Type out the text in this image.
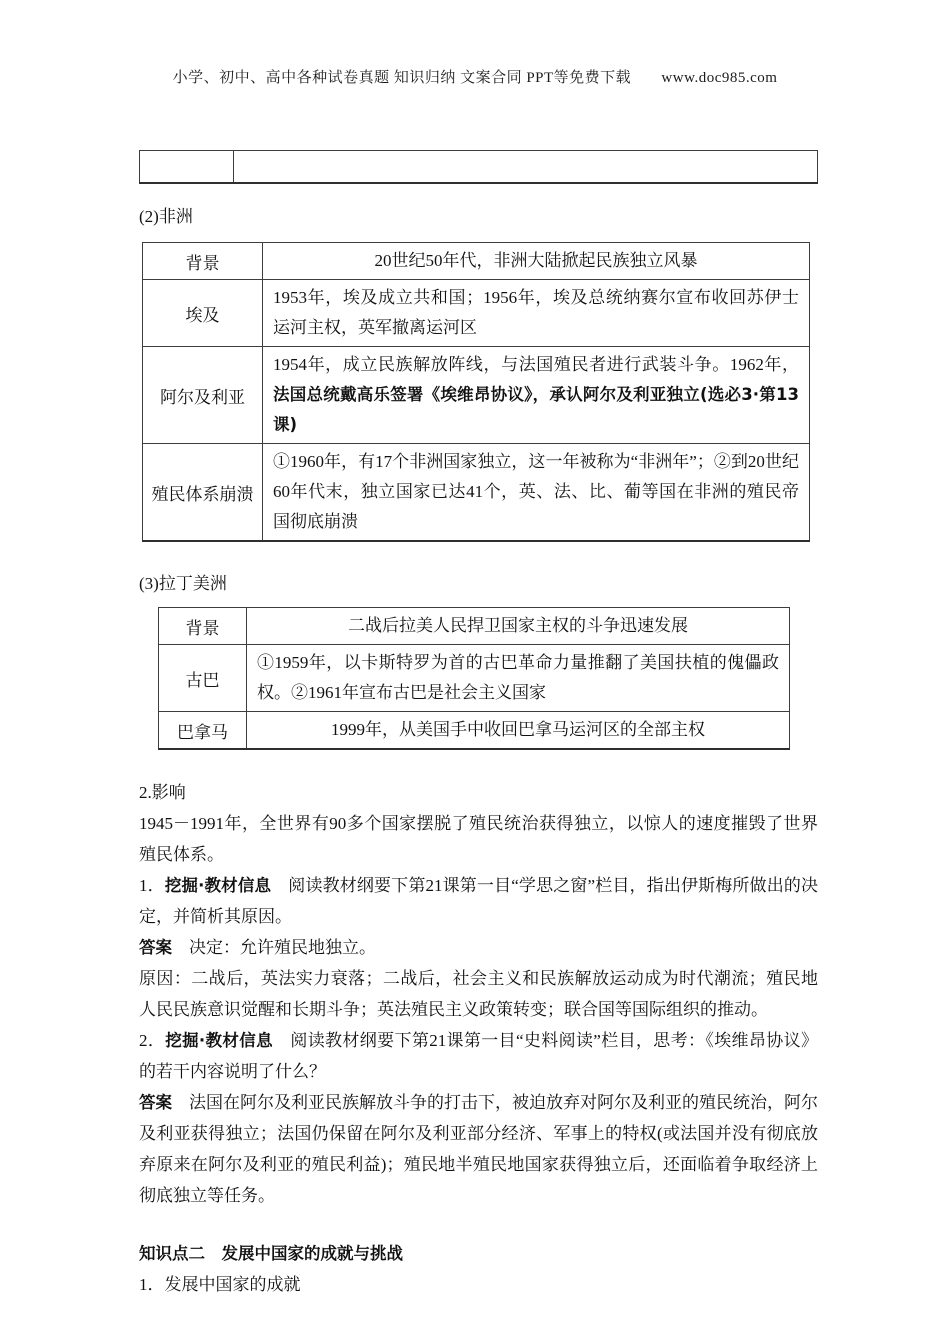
小学、初中、高中各种试卷真题 知识归纳 文案合同 PPT等免费下载 www.doc985.com

(2)非洲

背景	20世纪50年代，非洲大陆掀起民族独立风暴
埃及	1953年，埃及成立共和国；1956年，埃及总统纳赛尔宣布收回苏伊士运河主权，英军撤离运河区
阿尔及利亚	1954年，成立民族解放阵线，与法国殖民者进行武装斗争。1962年，法国总统戴高乐签署《埃维昂协议》，承认阿尔及利亚独立(选必3·第13课)
殖民体系崩溃	①1960年，有17个非洲国家独立，这一年被称为“非洲年”；②到20世纪60年代末，独立国家已达41个，英、法、比、葡等国在非洲的殖民帝国彻底崩溃

(3)拉丁美洲

背景	二战后拉美人民捍卫国家主权的斗争迅速发展
古巴	①1959年，以卡斯特罗为首的古巴革命力量推翻了美国扶植的傀儡政权。②1961年宣布古巴是社会主义国家
巴拿马	1999年，从美国手中收回巴拿马运河区的全部主权

2.影响

1945－1991年，全世界有90多个国家摆脱了殖民统治获得独立，以惊人的速度摧毁了世界殖民体系。

1．挖掘·教材信息　阅读教材纲要下第21课第一目“学思之窗”栏目，指出伊斯梅所做出的决定，并简析其原因。

答案　决定：允许殖民地独立。

原因：二战后，英法实力衰落；二战后，社会主义和民族解放运动成为时代潮流；殖民地人民民族意识觉醒和长期斗争；英法殖民主义政策转变；联合国等国际组织的推动。

2．挖掘·教材信息　阅读教材纲要下第21课第一目“史料阅读”栏目，思考：《埃维昂协议》的若干内容说明了什么？

答案　法国在阿尔及利亚民族解放斗争的打击下，被迫放弃对阿尔及利亚的殖民统治，阿尔及利亚获得独立；法国仍保留在阿尔及利亚部分经济、军事上的特权(或法国并没有彻底放弃原来在阿尔及利亚的殖民利益)；殖民地半殖民地国家获得独立后，还面临着争取经济上彻底独立等任务。

知识点二　发展中国家的成就与挑战

1．发展中国家的成就
